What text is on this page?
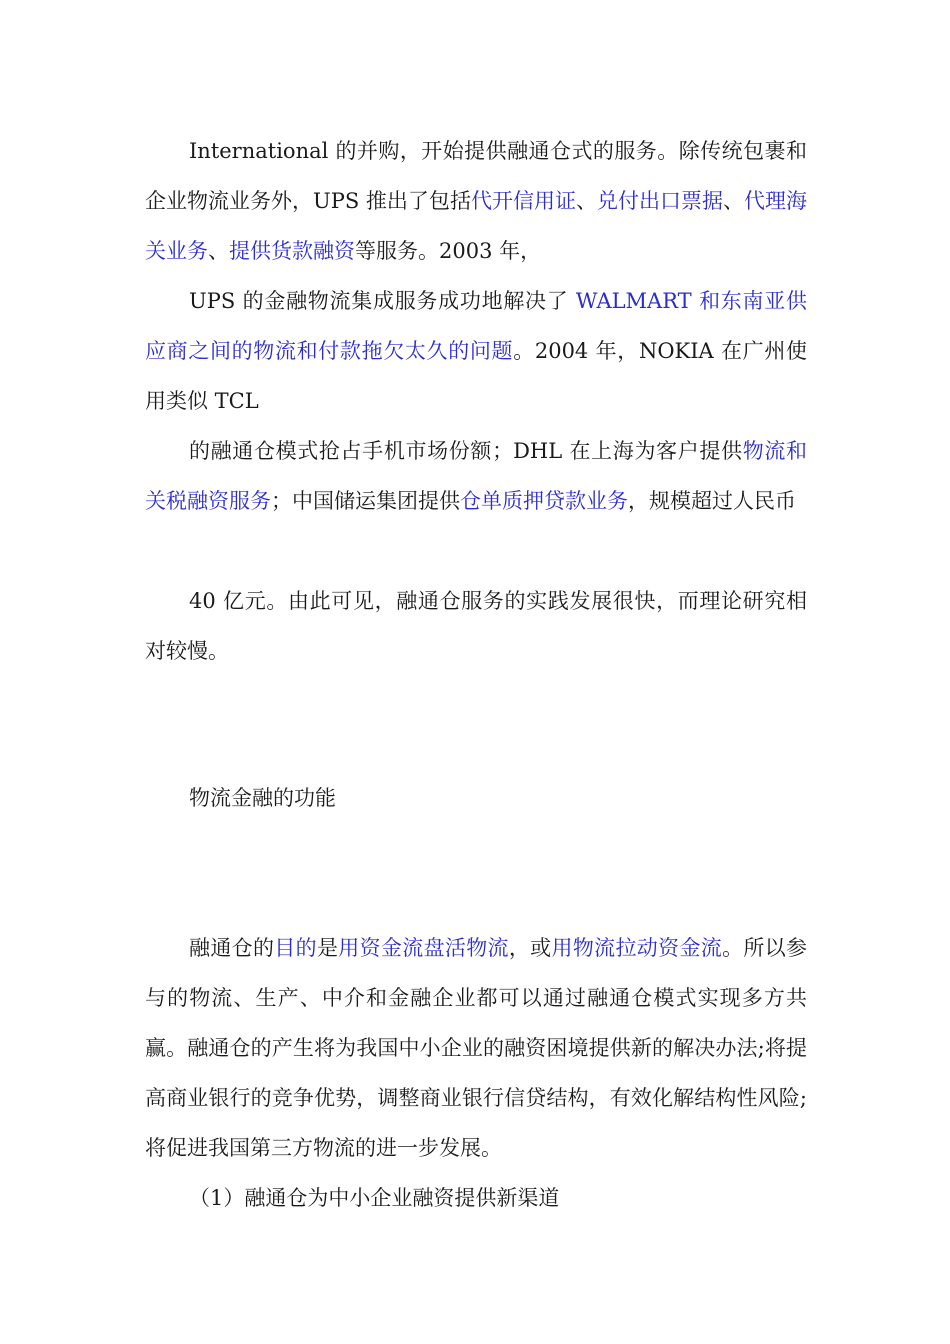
International 的并购，开始提供融通仓式的服务。除传统包裹和企业物流业务外，UPS 推出了包括代开信用证、兑付出口票据、代理海关业务、提供货款融资等服务。2003 年，

UPS 的金融物流集成服务成功地解决了 WALMART 和东南亚供应商之间的物流和付款拖欠太久的问题。2004 年，NOKIA 在广州使用类似 TCL

的融通仓模式抢占手机市场份额；DHL 在上海为客户提供物流和关税融资服务；中国储运集团提供仓单质押贷款业务，规模超过人民币

40 亿元。由此可见，融通仓服务的实践发展很快，而理论研究相对较慢。

物流金融的功能

融通仓的目的是用资金流盘活物流，或用物流拉动资金流。所以参与的物流、生产、中介和金融企业都可以通过融通仓模式实现多方共赢。融通仓的产生将为我国中小企业的融资困境提供新的解决办法;将提高商业银行的竞争优势，调整商业银行信贷结构，有效化解结构性风险;将促进我国第三方物流的进一步发展。

（1）融通仓为中小企业融资提供新渠道
